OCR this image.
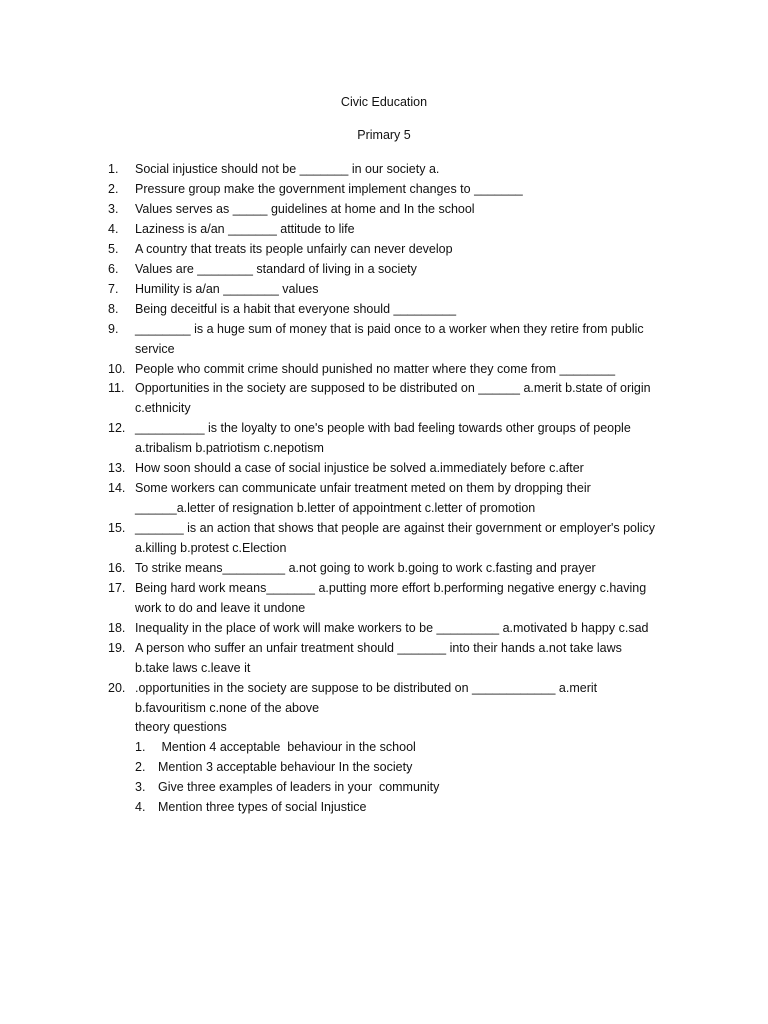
Civic Education
Primary 5
1. Social injustice should not be _______ in our society a.
2. Pressure group make the government implement changes to _______
3. Values serves as _____ guidelines at home and In the school
4. Laziness is a/an _______ attitude to life
5. A country that treats its people unfairly can never develop
6. Values are ________ standard of living in a society
7. Humility is a/an ________ values
8. Being deceitful is a habit that everyone should _________
9. ________ is a huge sum of money that is paid once to a worker when they retire from public
service
10. People who commit crime should punished no matter where they come from ________
11. Opportunities in the society are supposed to be distributed on ______ a.merit b.state of origin
c.ethnicity
12. __________ is the loyalty to one's people with bad feeling towards other groups of people
a.tribalism b.patriotism c.nepotism
13. How soon should a case of social injustice be solved a.immediately before c.after
14. Some workers can communicate unfair treatment meted on them by dropping their
______a.letter of resignation b.letter of appointment c.letter of promotion
15. _______ is an action that shows that people are against their government or employer's policy
a.killing b.protest c.Election
16. To strike means_________ a.not going to work b.going to work c.fasting and prayer
17. Being hard work means_______ a.putting more effort b.performing negative energy c.having
work to do and leave it undone
18. Inequality in the place of work will make workers to be _________ a.motivated b happy c.sad
19. A person who suffer an unfair treatment should _______ into their hands a.not take laws
b.take laws c.leave it
20. .opportunities in the society are suppose to be distributed on ____________ a.merit
b.favouritism c.none of the above
theory questions
1. Mention 4 acceptable  behaviour in the school
2. Mention 3 acceptable behaviour In the society
3. Give three examples of leaders in your  community
4. Mention three types of social Injustice
